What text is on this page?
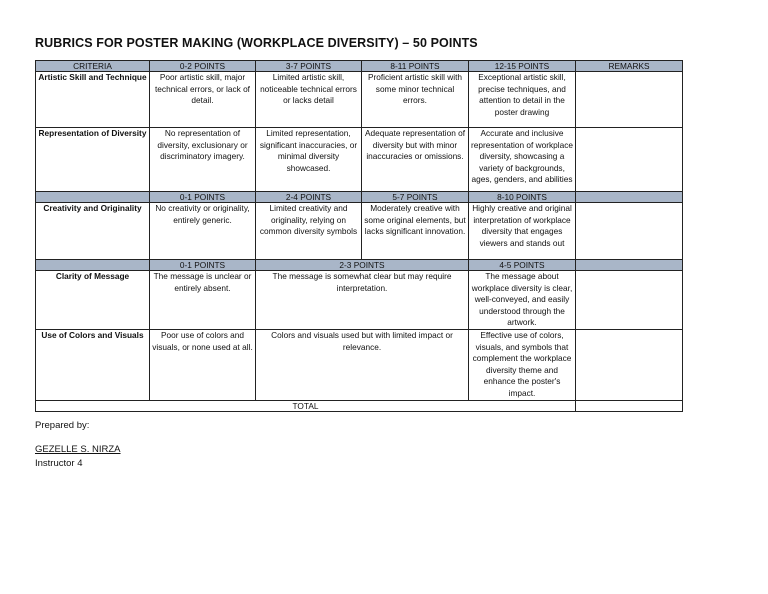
RUBRICS FOR POSTER MAKING (WORKPLACE DIVERSITY) – 50 POINTS
CRITERIA	0-2 POINTS	3-7 POINTS	8-11 POINTS	12-15 POINTS	REMARKS
Artistic Skill and Technique	Poor artistic skill, major technical errors, or lack of detail.	Limited artistic skill, noticeable technical errors or lacks detail	Proficient artistic skill with some minor technical errors.	Exceptional artistic skill, precise techniques, and attention to detail in the poster drawing	
Representation of Diversity	No representation of diversity, exclusionary or discriminatory imagery.	Limited representation, significant inaccuracies, or minimal diversity showcased.	Adequate representation of diversity but with minor inaccuracies or omissions.	Accurate and inclusive representation of workplace diversity, showcasing a variety of backgrounds, ages, genders, and abilities	
	0-1 POINTS	2-4 POINTS	5-7 POINTS	8-10 POINTS	
Creativity and Originality	No creativity or originality, entirely generic.	Limited creativity and originality, relying on common diversity symbols	Moderately creative with some original elements, but lacks significant innovation.	Highly creative and original interpretation of workplace diversity that engages viewers and stands out	
	0-1 POINTS	2-3 POINTS		4-5 POINTS	
Clarity of Message	The message is unclear or entirely absent.	The message is somewhat clear but may require interpretation.		The message about workplace diversity is clear, well-conveyed, and easily understood through the artwork.	
Use of Colors and Visuals	Poor use of colors and visuals, or none used at all.	Colors and visuals used but with limited impact or relevance.		Effective use of colors, visuals, and symbols that complement the workplace diversity theme and enhance the poster's impact.	
TOTAL					
Prepared by:
GEZELLE S. NIRZA
Instructor 4
